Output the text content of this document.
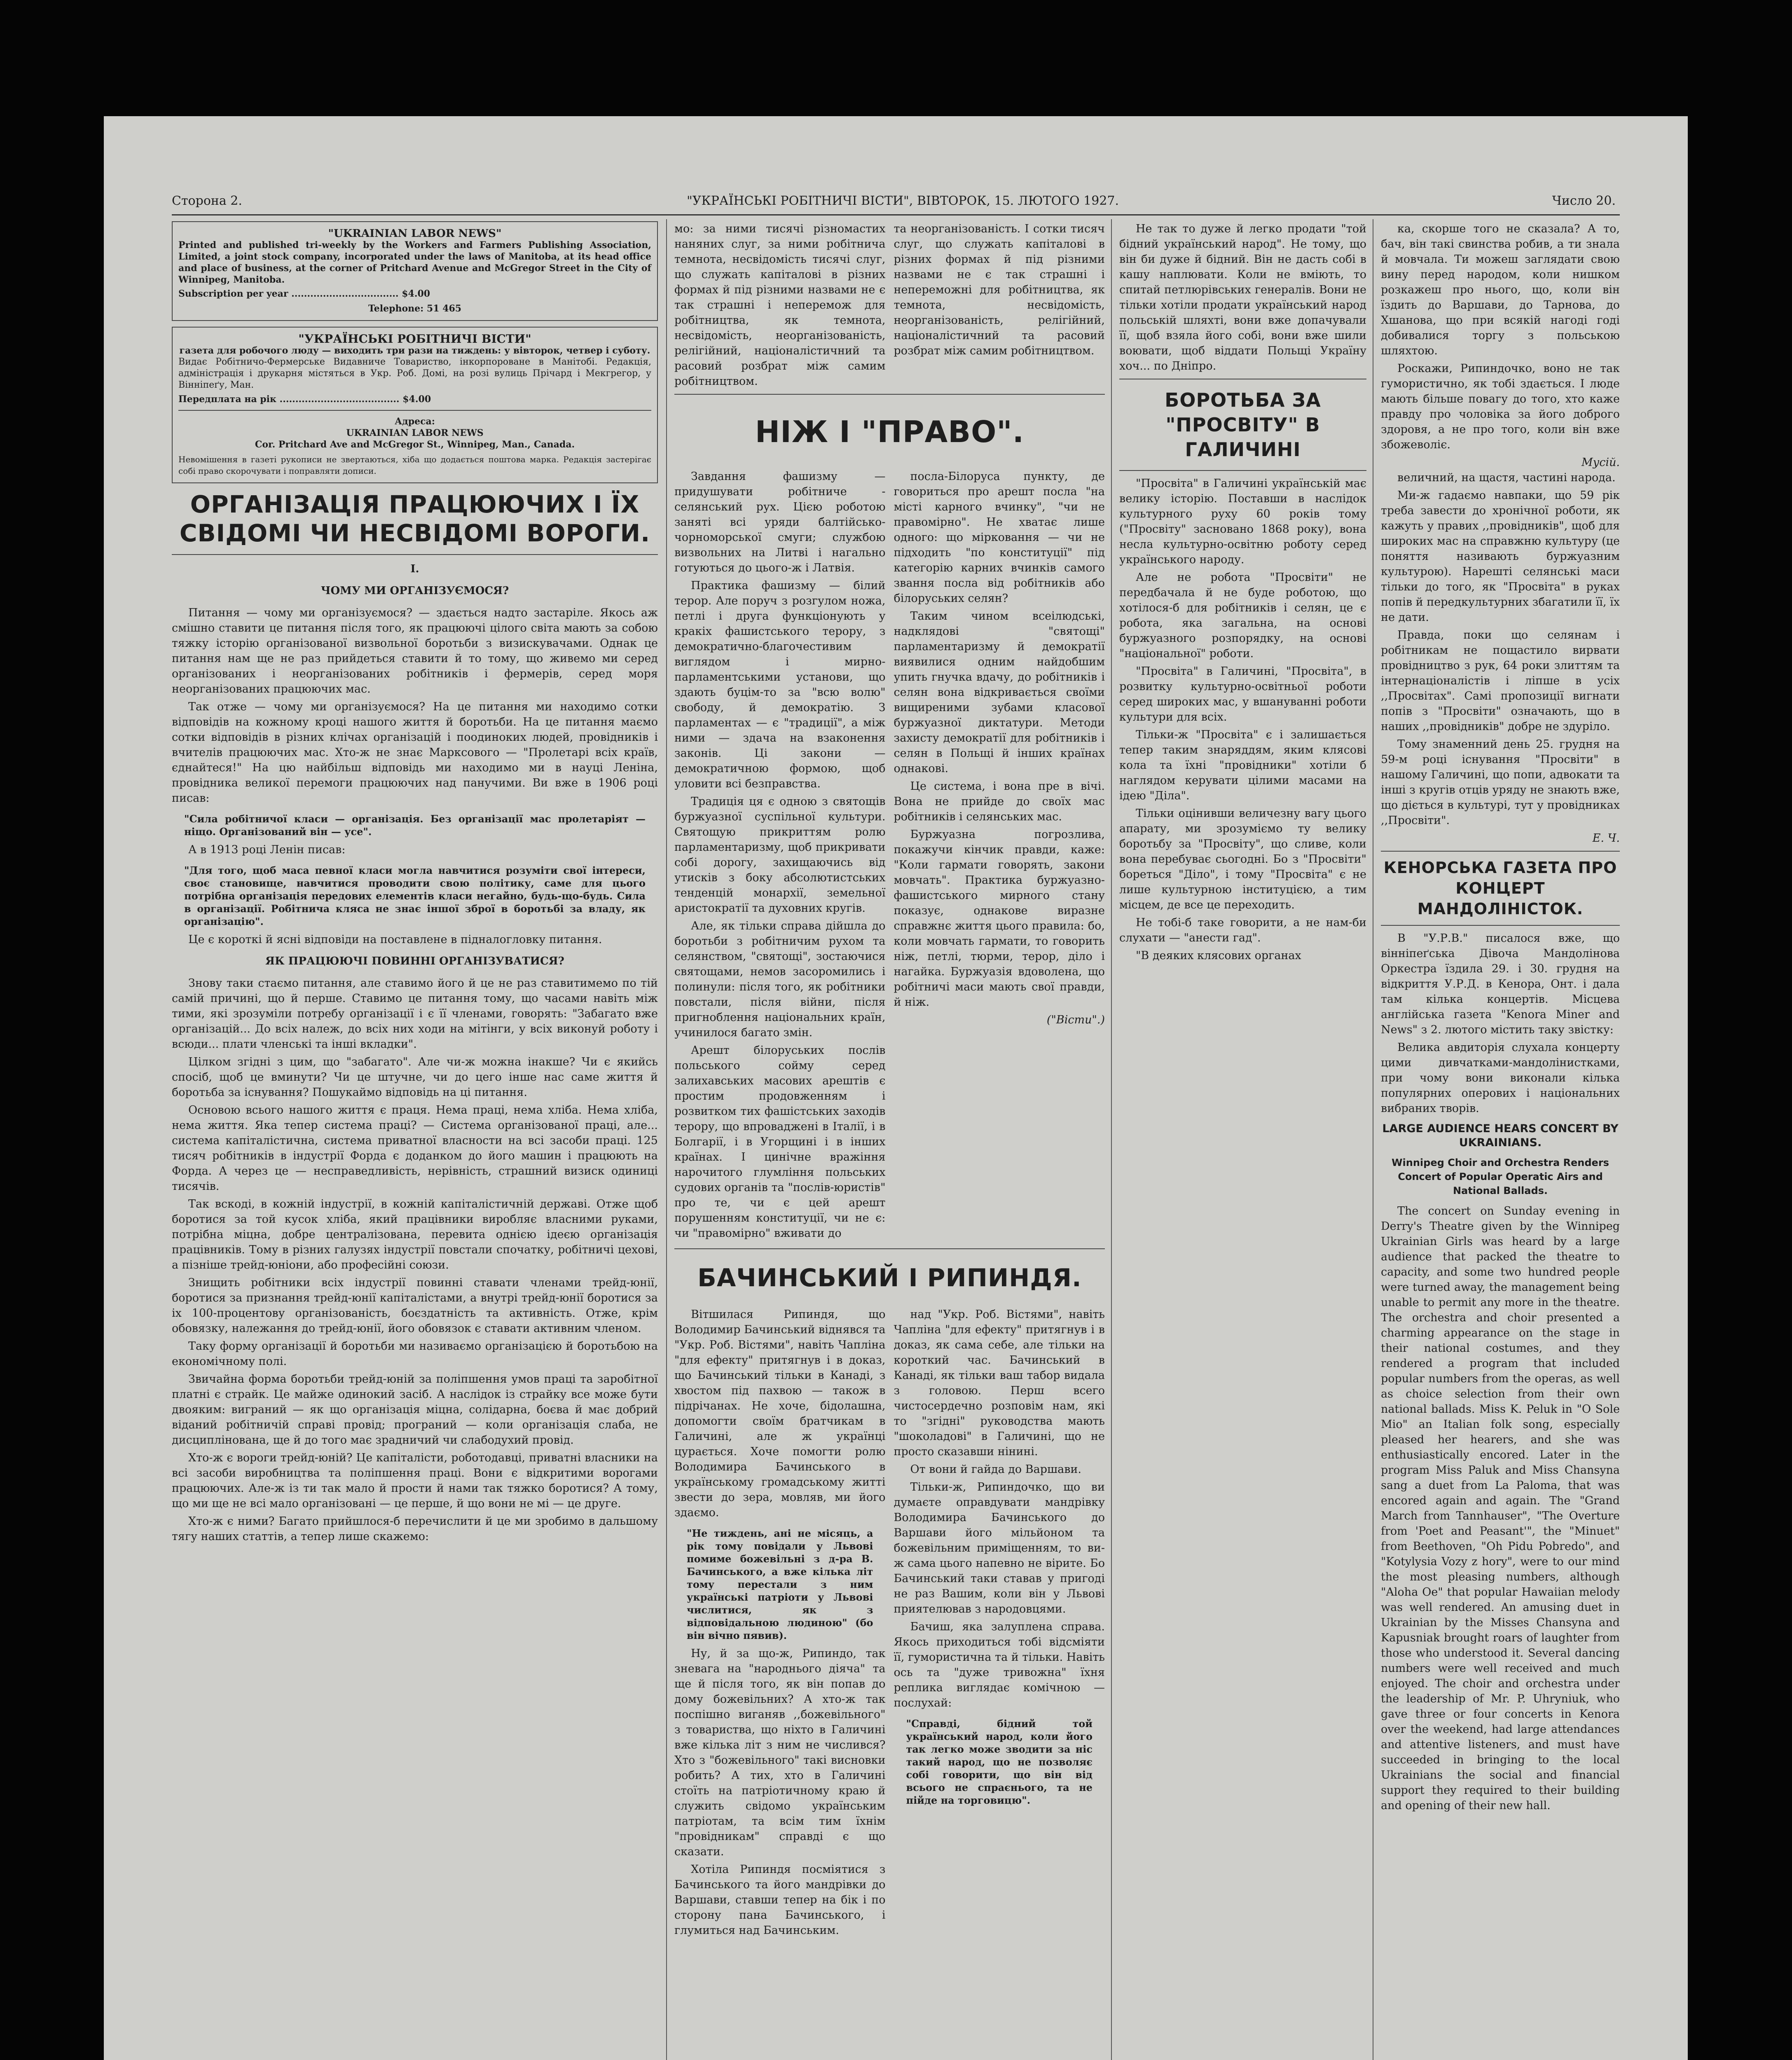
Сторона 2.	"УКРАЇНСЬКІ РОБІТНИЧІ ВІСТИ", ВІВТОРОК, 15. ЛЮТОГО 1927.	Число 20.
"UKRAINIAN LABOR NEWS"
Printed and published tri-weekly by the Workers and Farmers Publishing Association, Limited, a joint stock company, incorporated under the laws of Manitoba, at its head office and place of business, at the corner of Pritchard Avenue and McGregor Street in the City of Winnipeg, Manitoba.
Subscription per year .................................. $4.00
Telephone: 51 465
"УКРАЇНСЬКІ РОБІТНИЧІ ВІСТИ"
газета для робочого люду — виходить три рази на тиждень: у вівторок, четвер і суботу.
Видає Робітничо-Фермерське Видавниче Товариство, інкорпороване в Манітобі. Редакція, адміністрація і друкарня містяться в Укр. Роб. Домі, на розі вулиць Прічард і Мекгрегор, у Вінніпеґу, Ман.
Передплата на рік ...................................... $4.00
Адреса:
UKRAINIAN LABOR NEWS
Cor. Pritchard Ave and McGregor St., Winnipeg, Man., Canada.
Невомішення в газеті рукописи не звертаються, хіба що додається поштова марка. Редакція застерігає собі право скорочувати і поправляти дописи.
ОРГАНІЗАЦІЯ ПРАЦЮЮЧИХ І ЇХ СВІДОМІ ЧИ НЕСВІДОМІ ВОРОГИ.
I.
ЧОМУ МИ ОРГАНІЗУЄМОСЯ?

Питання — чому ми організуємося? — здається надто застаріле. Якось аж смішно ставити це питання після того, як працюючі цілого світа мають за собою тяжку історію організованої визвольної боротьби з визискувачами. Однак це питання нам ще не раз прийдеться ставити й то тому, що живемо ми серед організованих і неорганізованих робітників і фермерів, серед моря неорганізованих працюючих мас.

Так отже — чому ми організуємося? На це питання ми находимо сотки відповідів на кожному кроці нашого життя й боротьби. На це питання маємо сотки відповідів в різних клічах організацій і поодиноких людей, провідників і вчителів працюючих мас. Хто-ж не знає Марксового — "Пролетарі всіх країв, єднайтеся!" На цю найбільш відповідь ми находимо ми в науці Леніна, провідника великої перемоги працюючих над панучими. Ви вже в 1906 році писав:

"Сила робітничої класи — організація. Без організації мас пролетаріят — ніщо. Організований він — усе".

А в 1913 році Ленін писав:

"Для того, щоб маса певної класи могла навчитися розуміти свої інтереси, своє становище, навчитися проводити свою політику, саме для цього потрібна організація передових елементів класи негайно, будь-що-будь. Сила в організації. Робітнича кляса не знає іншої зброї в боротьбі за владу, як організацію".

Це є короткі й ясні відповіди на поставлене в підналогловку питання.

ЯК ПРАЦЮЮЧІ ПОВИННІ ОРГАНІЗУВАТИСЯ?

Знову таки стаємо питання, але ставимо його й це не раз ставитимемо по тій самій причині, що й перше. Ставимо це питання тому, що часами навіть між тими, які зрозуміли потребу організації і є її членами, говорять: "Забагато вже організацій... До всіх належ, до всіх них ходи на мітінги, у всіх виконуй роботу і всюди... плати членські та інші вкладки".

Цілком згідні з цим, що "забагато". Але чи-ж можна інакше? Чи є якийсь спосіб, щоб це вминути? Чи це штучне, чи до цего інше нас саме життя й боротьба за існування? Пошукаймо відповідь на ці питання.

Основою всього нашого життя є праця. Нема праці, нема хліба. Нема хліба, нема життя. Яка тепер система праці? — Система організованої праці, але... система капіталістична, система приватної власности на всі засоби праці. 125 тисяч робітників в індустрії Форда є доданком до його машин і працюють на Форда. А через це — несправедливість, нерівність, страшний визиск одиниці тисячів.

Так вскоді, в кожній індустрії, в кожній капіталістичній державі. Отже щоб боротися за той кусок хліба, який працівники виробляє власними руками, потрібна міцна, добре централізована, перевита однією ідеєю організація працівників. Тому в різних галузях індустрії повстали спочатку, робітничі цехові, а пізніше трейд-юніони, або професійні союзи.

Знищить робітники всіх індустрії повинні ставати членами трейд-юнії, боротися за признання трейд-юнії капіталістами, а внутрі трейд-юнії боротися за іх 100-процентову організованість, боєздатність та активність. Отже, крім обовязку, належання до трейд-юнії, його обовязок є ставати активним членом.

Таку форму організації й боротьби ми називаємо організацією й боротьбою на економічному полі.

Звичайна форма боротьби трейд-юній за поліпшення умов праці та заробітної платні є страйк. Це майже одинокий засіб. А наслідок із страйку все може бути двояким: виграний — як що організація міцна, солідарна, боєва й має добрий віданий робітничій справі провід; програний — коли організація слаба, не дисциплінована, ще й до того має зрадничий чи слабодухий провід.

Хто-ж є вороги трейд-юній? Це капіталісти, роботодавці, приватні власники на всі засоби виробництва та поліпшення праці. Вони є відкритими ворогами працюючих. Але-ж із ти так мало й прости й нами так тяжко боротися? А тому, що ми ще не всі мало організовані — це перше, й що вони не мі — це друге.

Хто-ж є ними? Багато прийшлося-б перечислити й це ми зробимо в дальшому тягу наших статтів, а тепер лише скажемо:

мо: за ними тисячі різномастих наняних слуг, за ними робітнича темнота, несвідомість тисячі слуг, що служать капіталові в різних формах й під різними назвами не є так страшні і неперемож для робітництва, як темнота, несвідомість, неорганізованість, релігійний, націоналістичний та расовий розбрат між самим робітництвом.
та неорганізованість. І сотки тисяч слуг, що служать капіталові в різних формах й під різними назвами не є так страшні і непереможні для робітництва, як темнота, несвідомість, неорганізованість, релігійний, націоналістичний та расовий розбрат між самим робітництвом.
НІЖ І "ПРАВО".

Завдання фашизму — придушувати робітниче - селянський рух. Цією роботою заняті всі уряди балтійсько-чорноморської смуги; службою визвольних на Литві і нагально готуються до цього-ж і Латвія.

Практика фашизму — білий терор. Але поруч з розгулом ножа, петлі і друга функціонують у кракіх фашистського терору, з демократично-благочестивим виглядом і мирно-парламентськими установи, що здають буцім-то за "всю волю" свободу, й демократію. З парламентах — є "традиції", а між ними — здача на взаконення законів. Ці закони — демократичною формою, щоб уловити всі безправства.

Традиція ця є одною з святощів буржуазної суспільної культури. Святощую прикриттям ролю парламентаризму, щоб прикривати собі дорогу, захищаючись від утисків з боку абсолютистських тенденцій монархії, земельної аристократії та духовних кругів.

Але, як тільки справа дійшла до боротьби з робітничим рухом та селянством, "святощі", зостаючися святощами, немов засоромились і полинули: після того, як робітники повстали, після війни, після пригноблення національних країн, учинилося багато змін.

Арешт білоруських послів польського сойму серед залихавських масових арештів є простим продовженням і розвитком тих фашістських заходів терору, що впровадженi в Італії, і в Болгарії, і в Угорщині і в інших країнах. І цинічне вражіння нарочитого глумління польських судових органів та "послів-юристів" про те, чи є цей арешт порушенням конституції, чи не є: чи "правомірно" вживати до

посла-Білоруса пункту, де говориться про арешт посла "на місті карного вчинку", "чи не правомірно". Не хватає лише одного: що мірковання — чи не підходить "по конституції" під категорію карних вчинків самого звання посла від робітників або білоруських селян?

Таким чином всеілюдські, надклядові "святощі" парламентаризму й демократії виявилися одним найдобшим упить гнучка вдачу, до робітників і селян вона відкривається своїми вищиреними зубами класової буржуазної диктатури. Методи захисту демократії для робітників і селян в Польщі й інших країнах однакові.

Це система, і вона пре в вічі. Вона не прийде до своїх мас робітників і селянських мас.

Буржуазна погрозлива, покажучи кінчик правди, каже: "Коли гармати говорять, закони мовчать". Практика буржуазно-фашистського мирного стану показує, однакове виразне справжнє життя цього правила: бо, коли мовчать гармати, то говорить ніж, петлі, тюрми, терор, діло і нагайка. Буржуазія вдоволена, що робітничі маси мають свої правди, й ніж.

("Вісти".)
БАЧИНСЬКИЙ І РИПИНДЯ.

Вітшилася Рипиндя, що Володимир Бачинський віднявся та "Укр. Роб. Вістями", навіть Чапліна "для ефекту" притягнув і в доказ, що Бачинський тільки в Канаді, з хвостом під пахвою — також в підрічанах. Не хоче, бідолашна, допомогти своїм братчикам в Галичині, але ж українці цурається. Хоче помогти ролю Володимира Бачинського в українському громадському житті звести до зера, мовляв, ми його здаємо.

"Не тиждень, ані не місяць, а рік тому повідали у Львові помиме божевільні з д-ра В. Бачинського, а вже кілька літ тому перестали з ним українські патріоти у Львові числитися, як з відповідальною людиною" (бо він вічно пявив).

Ну, й за що-ж, Рипиндо, так зневага на "народнього діяча" та ще й після того, як він попав до дому божевільних? А хто-ж так поспішно виганяв ,,божевільного" з товариства, що ніхто в Галичині вже кілька літ з ним не числився? Хто з "божевільного" такі висновки робить? А тих, хто в Галичині стоїть на патріотичному краю й служить свідомо українським патріотам, та всім тим їхнім "провідникам" справді є що сказати.

Хотіла Рипиндя посміятися з Бачинського та його мандрівки до Варшави, ставши тепер на бік і по сторону пана Бачинського, і глумиться над Бачинським.

над "Укр. Роб. Вістями", навіть Чапліна "для ефекту" притягнув і в доказ, як сама себе, але тільки на короткий час. Бачинський в Канаді, як тільки ваш табор видала з головою. Перш всего чистосердечно розповім нам, які то "згідні" руководства мають "шоколадові" в Галичині, що не просто сказавши нінині.

От вони й гайда до Варшави.

Тільки-ж, Рипиндочко, що ви думаєте оправдувати мандрівку Володимира Бачинського до Варшави його мільйоном та божевільним приміщенням, то ви-ж сама цього напевно не вірите. Бо Бачинський таки ставав у пригоді не раз Вашим, коли він у Львові приятелював з народовцями.

Бачиш, яка залуплена справа. Якось приходиться тобі відсміяти її, гумористична та й тільки. Навіть ось та "дуже тривожна" їхня реплика виглядає комічною — послухай:

"Справді, бідний той український народ, коли його так легко може зводити за ніс такий народ, що не позволяє собі говорити, що він від всього не спраєнього, та не пійде на торговицю".

Не так то дуже й легко продати "той бідний український народ". Не тому, що він би дуже й бідний. Він не дасть собі в кашу наплювати. Коли не вміють, то спитай петлюрівських генералів. Вони не тільки хотіли продати український народ польській шляхті, вони вже допачували її, щоб взяла його собі, вони вже шили воювати, щоб віддати Польщі Україну хоч... по Дніпро.

БОРОТЬБА ЗА "ПРОСВІТУ" В ГАЛИЧИНІ

"Просвіта" в Галичині українській має велику історію. Поставши в наслідок культурного руху 60 років тому ("Просвіту" засновано 1868 року), вона несла культурно-освітню роботу серед українського народу.

Але не робота "Просвіти" не передбачала й не буде роботою, що хотілося-б для робітників і селян, це є робота, яка загальна, на основі буржуазного розпорядку, на основі "національної" роботи.

"Просвіта" в Галичині, "Просвіта", в розвитку культурно-освітньої роботи серед широких мас, у вшануванні роботи культури для всіх.

Тільки-ж "Просвіта" є і залишається тепер таким знаряддям, яким клясові кола та їхні "провідники" хотіли б наглядом керувати цілими масами на ідею "Діла".

Тільки оцінивши величезну вагу цього апарату, ми зрозуміємо ту велику боротьбу за "Просвіту", що сливе, коли вона перебуває сьогодні. Бо з "Просвіти" бореться "Діло", і тому "Просвіта" є не лише культурною інституцією, а тим місцем, де все це переходить.

Не тобі-б таке говорити, а не нам-би слухати — "анести гад".

"В деяких клясових органах

ка, скорше того не сказала? А то, бач, він такі свинства робив, а ти знала й мовчала. Ти можеш заглядати свою вину перед народом, коли нишком розкажеш про нього, що, коли він їздить до Варшави, до Тарнова, до Хшанова, що при всякій нагоді годі добивалися торгу з польською шляхтою.

Роскажи, Рипиндочко, воно не так гумористично, як тобі здається. І люде мають більше повагу до того, хто каже правду про чоловіка за його доброго здоровя, а не про того, коли він вже збожеволіє.

Мусій.

величний, на щастя, частині народа.

Ми-ж гадаємо навпаки, що 59 рік треба завести до хронічної роботи, як кажуть у правих ,,провідників", щоб для широких мас на справжню культуру (це поняття називають буржуазним культурою). Нарешті селянські маси тільки до того, як "Просвіта" в руках попів й передкультурних збагатили її, їх не дати.

Правда, поки що селянам і робітникам не пощастило вирвати провідництво з рук, 64 роки злиттям та інтернаціоналістів і ліпше в усіх ,,Просвітах". Самі пропозиції вигнати попів з "Просвіти" означають, що в наших ,,провідників" добре не здуріло.

Тому знаменний день 25. грудня на 59-м році існування "Просвіти" в нашому Галичині, що попи, адвокати та інші з кругів отців уряду не знають вже, що діється в культурі, тут у провідниках ,,Просвіти".

Е. Ч.
КЕНОРСЬКА ГАЗЕТА ПРО КОНЦЕРТ МАНДОЛІНІСТОК.

В "У.Р.В." писалося вже, що вінніпеґська Дівоча Мандолінова Оркестра їздила 29. і 30. грудня на відкриття У.Р.Д. в Кенора, Онт. і дала там кілька концертів. Місцева англійська газета "Kenora Miner and News" з 2. лютого містить таку звістку:

Велика авдиторія слухала концерту цими дивчатками-мандолінистками, при чому вони виконали кілька популярних оперових і національних вибраних творів.

LARGE AUDIENCE HEARS CONCERT BY UKRAINIANS.
Winnipeg Choir and Orchestra Renders Concert of Popular Operatic Airs and National Ballads.

The concert on Sunday evening in Derry's Theatre given by the Winnipeg Ukrainian Girls was heard by a large audience that packed the theatre to capacity, and some two hundred people were turned away, the management being unable to permit any more in the theatre. The orchestra and choir presented a charming appearance on the stage in their national costumes, and they rendered a program that included popular numbers from the operas, as well as choice selection from their own national ballads. Miss K. Peluk in "O Sole Mio" an Italian folk song, especially pleased her hearers, and she was enthusiastically encored. Later in the program Miss Paluk and Miss Chansyna sang a duet from La Paloma, that was encored again and again. The "Grand March from Tannhauser", "The Overture from 'Poet and Peasant'", the "Minuet" from Beethoven, "Oh Pidu Pobredo", and "Kotylysia Vozy z hory", were to our mind the most pleasing numbers, although "Aloha Oe" that popular Hawaiian melody was well rendered. An amusing duet in Ukrainian by the Misses Chansyna and Kapusniak brought roars of laughter from those who understood it. Several dancing numbers were well received and much enjoyed. The choir and orchestra under the leadership of Mr. P. Uhryniuk, who gave three or four concerts in Kenora over the weekend, had large attendances and attentive listeners, and must have succeeded in bringing to the local Ukrainians the social and financial support they required to their building and opening of their new hall.
